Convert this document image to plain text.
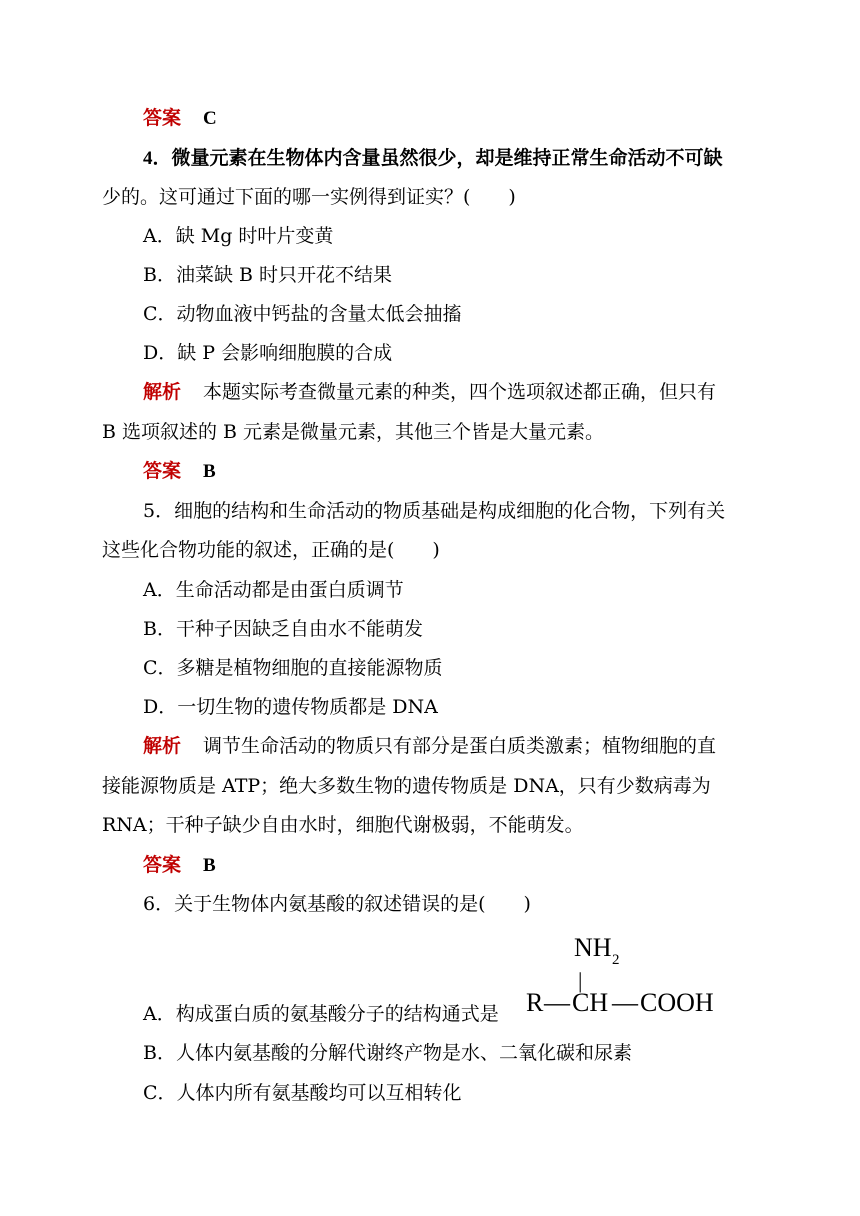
答案 C
4．微量元素在生物体内含量虽然很少，却是维持正常生命活动不可缺
少的。这可通过下面的哪一实例得到证实？(　　)
A．缺 Mg 时叶片变黄
B．油菜缺 B 时只开花不结果
C．动物血液中钙盐的含量太低会抽搐
D．缺 P 会影响细胞膜的合成
解析 本题实际考查微量元素的种类，四个选项叙述都正确，但只有
B 选项叙述的 B 元素是微量元素，其他三个皆是大量元素。
答案 B
5．细胞的结构和生命活动的物质基础是构成细胞的化合物，下列有关
这些化合物功能的叙述，正确的是(　　)
A．生命活动都是由蛋白质调节
B．干种子因缺乏自由水不能萌发
C．多糖是植物细胞的直接能源物质
D．一切生物的遗传物质都是 DNA
解析 调节生命活动的物质只有部分是蛋白质类激素；植物细胞的直
接能源物质是 ATP；绝大多数生物的遗传物质是 DNA，只有少数病毒为
RNA；干种子缺少自由水时，细胞代谢极弱，不能萌发。
答案 B
6．关于生物体内氨基酸的叙述错误的是(　　)
A．构成蛋白质的氨基酸分子的结构通式是
NH 2
|
R — CH — COOH
B．人体内氨基酸的分解代谢终产物是水、二氧化碳和尿素
C．人体内所有氨基酸均可以互相转化
